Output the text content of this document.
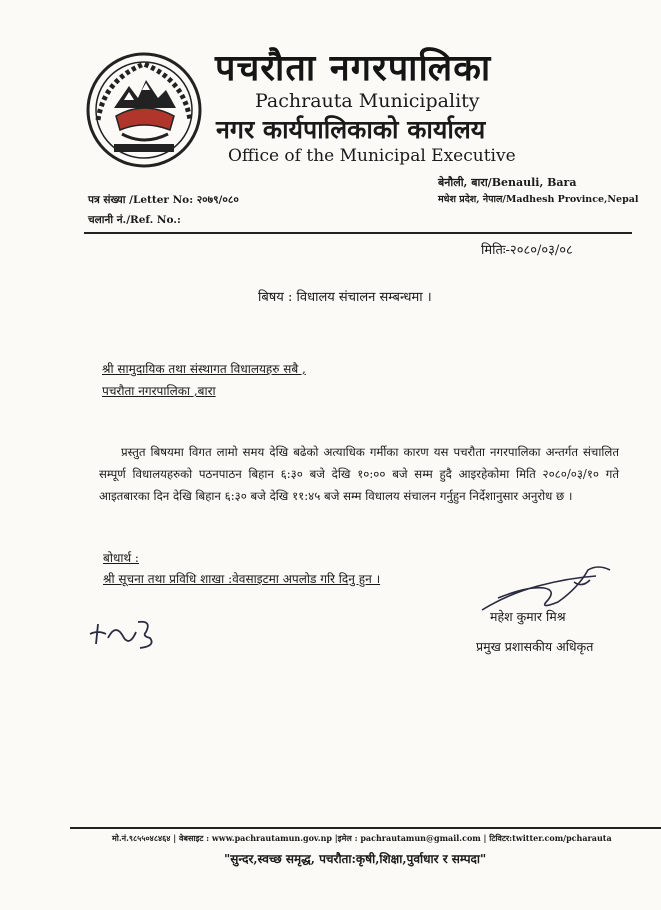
पचरौता नगरपालिका
Pachrauta Municipality
नगर कार्यपालिकाको कार्यालय
Office of the Municipal Executive
बेनौली, बारा/Benauli, Bara
मधेश प्रदेश, नेपाल/Madhesh Province,Nepal
पत्र संख्या /Letter No: २०७९/०८०
चलानी नं./Ref. No.:
मितिः-२०८०/०३/०८
बिषय : विधालय संचालन सम्बन्धमा ।
श्री सामुदायिक तथा संस्थागत विधालयहरु सबै ,
पचरौता नगरपालिका ,बारा
प्रस्तुत बिषयमा विगत लामो समय देखि बढेको अत्याधिक गर्मीका कारण यस पचरौता नगरपालिका अन्तर्गत संचालित सम्पूर्ण विधालयहरुको पठनपाठन बिहान ६:३० बजे देखि १०:०० बजे सम्म हुदै आइरहेकोमा मिति २०८०/०३/१० गते आइतबारका दिन देखि बिहान ६:३० बजे देखि ११:४५ बजे सम्म विधालय संचालन गर्नुहुन निर्देशानुसार अनुरोध छ ।
बोधार्थ :
श्री सूचना तथा प्रविधि शाखा :वेवसाइटमा अपलोड गरि दिनु हुन ।
महेश कुमार मिश्र
प्रमुख प्रशासकीय अधिकृत
मो.नं.९८५५०४८४६४ | वेबसाइट : www.pachrautamun.gov.np |इमेल : pachrautamun@gmail.com | टिविटर:twitter.com/pcharauta
"सुन्दर,स्वच्छ समृद्ध, पचरौता:कृषी,शिक्षा,पुर्वाधार र सम्पदा"
